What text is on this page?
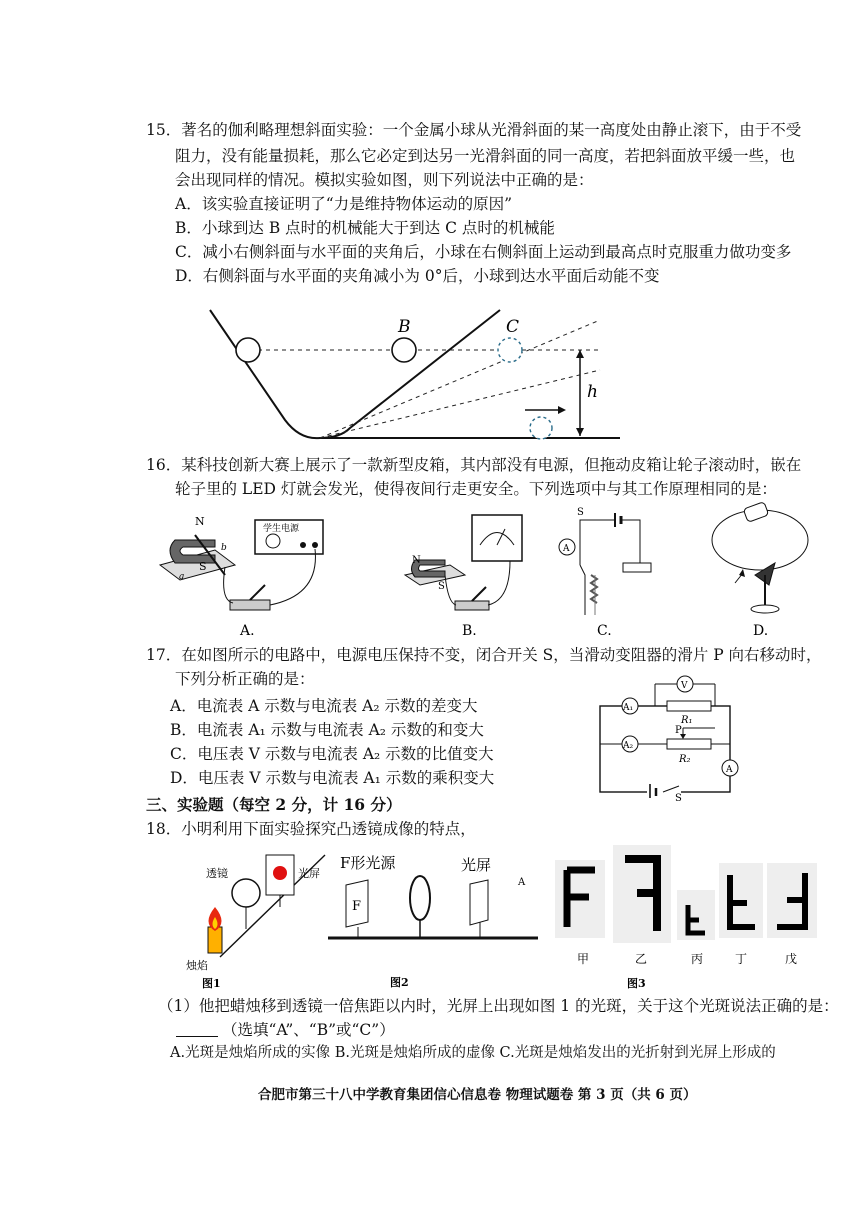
15．著名的伽利略理想斜面实验：一个金属小球从光滑斜面的某一高度处由静止滚下，由于不受
阻力，没有能量损耗，那么它必定到达另一光滑斜面的同一高度，若把斜面放平缓一些，也
会出现同样的情况。模拟实验如图，则下列说法中正确的是：
A．该实验直接证明了“力是维持物体运动的原因”
B．小球到达 B 点时的机械能大于到达 C 点时的机械能
C．减小右侧斜面与水平面的夹角后，小球在右侧斜面上运动到最高点时克服重力做功变多
D．右侧斜面与水平面的夹角减小为 0°后，小球到达水平面后动能不变
B	C
h
16．某科技创新大赛上展示了一款新型皮箱，其内部没有电源，但拖动皮箱让轮子滚动时，嵌在
轮子里的 LED 灯就会发光，使得夜间行走更安全。下列选项中与其工作原理相同的是：
学生电源
N
S
a
b
A.
N
S
B.
A
S
C.	D.
17．在如图所示的电路中，电源电压保持不变，闭合开关 S，当滑动变阻器的滑片 P 向右移动时，
下列分析正确的是：
A．电流表 A 示数与电流表 A₂ 示数的差变大
B．电流表 A₁ 示数与电流表 A₂ 示数的和变大
C．电压表 V 示数与电流表 A₂ 示数的比值变大
D．电压表 V 示数与电流表 A₁ 示数的乘积变大
V
A₁
A₂
A
R₁
R₂
P
S
三、实验题（每空 2 分，计 16 分）
18．小明利用下面实验探究凸透镜成像的特点，
透镜	光屏
烛焰
图1
F
F形光源	光屏
A
图2
甲	乙	丙	丁	戊
图3
（1）他把蜡烛移到透镜一倍焦距以内时，光屏上出现如图 1 的光斑，关于这个光斑说法正确的是：
（选填“A”、“B”或“C”）
A.光斑是烛焰所成的实像 B.光斑是烛焰所成的虚像 C.光斑是烛焰发出的光折射到光屏上形成的
合肥市第三十八中学教育集团信心信息卷 物理试题卷 第 3 页（共 6 页）
